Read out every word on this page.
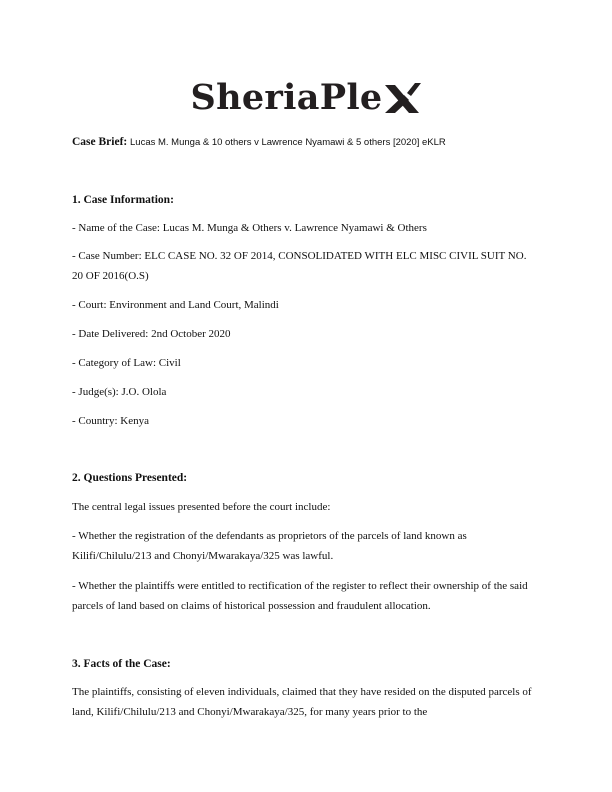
SheriaPle
Case Brief: Lucas M. Munga & 10 others v Lawrence Nyamawi & 5 others [2020] eKLR
1. Case Information:
- Name of the Case: Lucas M. Munga & Others v. Lawrence Nyamawi & Others
- Case Number: ELC CASE NO. 32 OF 2014, CONSOLIDATED WITH ELC MISC CIVIL SUIT NO. 20 OF 2016(O.S)
- Court: Environment and Land Court, Malindi
- Date Delivered: 2nd October 2020
- Category of Law: Civil
- Judge(s): J.O. Olola
- Country: Kenya
2. Questions Presented:
The central legal issues presented before the court include:
- Whether the registration of the defendants as proprietors of the parcels of land known as Kilifi/Chilulu/213 and Chonyi/Mwarakaya/325 was lawful.
- Whether the plaintiffs were entitled to rectification of the register to reflect their ownership of the said parcels of land based on claims of historical possession and fraudulent allocation.
3. Facts of the Case:
The plaintiffs, consisting of eleven individuals, claimed that they have resided on the disputed parcels of land, Kilifi/Chilulu/213 and Chonyi/Mwarakaya/325, for many years prior to the
